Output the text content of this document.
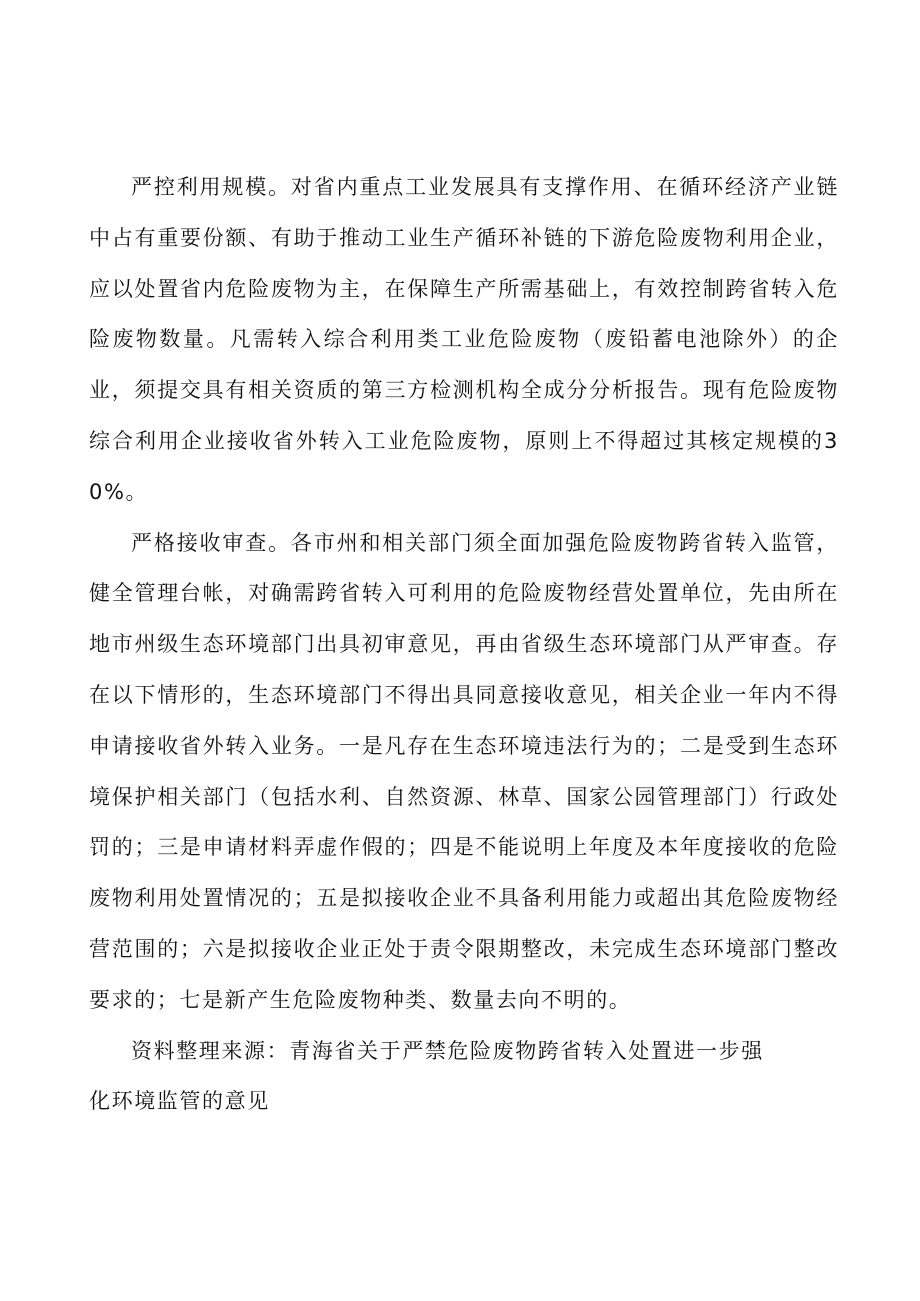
严控利用规模。对省内重点工业发展具有支撑作用、在循环经济产业链中占有重要份额、有助于推动工业生产循环补链的下游危险废物利用企业，应以处置省内危险废物为主，在保障生产所需基础上，有效控制跨省转入危险废物数量。凡需转入综合利用类工业危险废物（废铅蓄电池除外）的企业，须提交具有相关资质的第三方检测机构全成分分析报告。现有危险废物综合利用企业接收省外转入工业危险废物，原则上不得超过其核定规模的30%。

严格接收审查。各市州和相关部门须全面加强危险废物跨省转入监管，健全管理台帐，对确需跨省转入可利用的危险废物经营处置单位，先由所在地市州级生态环境部门出具初审意见，再由省级生态环境部门从严审查。存在以下情形的，生态环境部门不得出具同意接收意见，相关企业一年内不得申请接收省外转入业务。一是凡存在生态环境违法行为的；二是受到生态环境保护相关部门（包括水利、自然资源、林草、国家公园管理部门）行政处罚的；三是申请材料弄虚作假的；四是不能说明上年度及本年度接收的危险废物利用处置情况的；五是拟接收企业不具备利用能力或超出其危险废物经营范围的；六是拟接收企业正处于责令限期整改，未完成生态环境部门整改要求的；七是新产生危险废物种类、数量去向不明的。

资料整理来源：青海省关于严禁危险废物跨省转入处置进一步强化环境监管的意见
